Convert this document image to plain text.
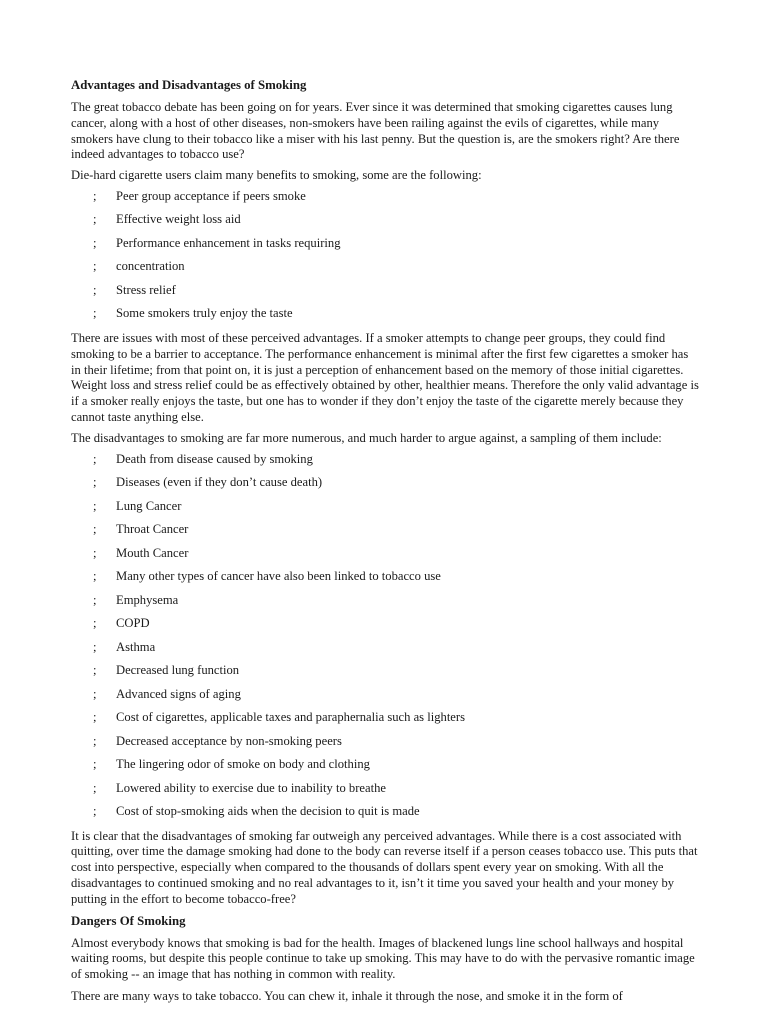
Advantages and Disadvantages of Smoking

The great tobacco debate has been going on for years. Ever since it was determined that smoking cigarettes causes lung cancer, along with a host of other diseases, non-smokers have been railing against the evils of cigarettes, while many smokers have clung to their tobacco like a miser with his last penny. But the question is, are the smokers right? Are there indeed advantages to tobacco use?

Die-hard cigarette users claim many benefits to smoking, some are the following:

; Peer group acceptance if peers smoke
; Effective weight loss aid
; Performance enhancement in tasks requiring
; concentration
; Stress relief
; Some smokers truly enjoy the taste

There are issues with most of these perceived advantages. If a smoker attempts to change peer groups, they could find smoking to be a barrier to acceptance. The performance enhancement is minimal after the first few cigarettes a smoker has in their lifetime; from that point on, it is just a perception of enhancement based on the memory of those initial cigarettes. Weight loss and stress relief could be as effectively obtained by other, healthier means. Therefore the only valid advantage is if a smoker really enjoys the taste, but one has to wonder if they don’t enjoy the taste of the cigarette merely because they cannot taste anything else.

The disadvantages to smoking are far more numerous, and much harder to argue against, a sampling of them include:

; Death from disease caused by smoking
; Diseases (even if they don’t cause death)
; Lung Cancer
; Throat Cancer
; Mouth Cancer
; Many other types of cancer have also been linked to tobacco use
; Emphysema
; COPD
; Asthma
; Decreased lung function
; Advanced signs of aging
; Cost of cigarettes, applicable taxes and paraphernalia such as lighters
; Decreased acceptance by non-smoking peers
; The lingering odor of smoke on body and clothing
; Lowered ability to exercise due to inability to breathe
; Cost of stop-smoking aids when the decision to quit is made

It is clear that the disadvantages of smoking far outweigh any perceived advantages. While there is a cost associated with quitting, over time the damage smoking had done to the body can reverse itself if a person ceases tobacco use. This puts that cost into perspective, especially when compared to the thousands of dollars spent every year on smoking. With all the disadvantages to continued smoking and no real advantages to it, isn’t it time you saved your health and your money by putting in the effort to become tobacco-free?

Dangers Of Smoking

Almost everybody knows that smoking is bad for the health. Images of blackened lungs line school hallways and hospital waiting rooms, but despite this people continue to take up smoking. This may have to do with the pervasive romantic image of smoking -- an image that has nothing in common with reality.

There are many ways to take tobacco. You can chew it, inhale it through the nose, and smoke it in the form of
